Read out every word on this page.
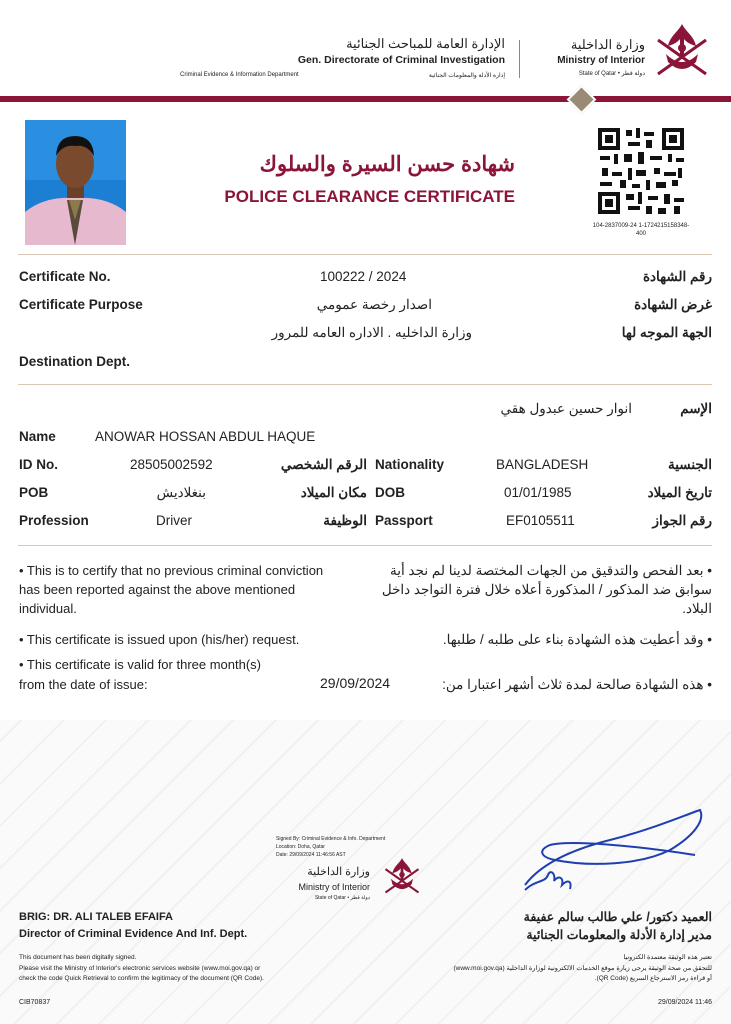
الإدارة العامة للمباحث الجنائية
Gen. Directorate of Criminal Investigation
Criminal Evidence & Information Department	إدارة الأدلة والمعلومات الجنائية
وزارة الداخلية
Ministry of Interior
State of Qatar • دولة قطر
شهادة حسن السيرة والسلوك
POLICE CLEARANCE CERTIFICATE
104-2837009-24 1-1724215158348-400
Certificate No.	100222 / 2024	رقم الشهادة
Certificate Purpose	اصدار رخصة عمومي	غرض الشهادة
وزارة الداخليه . الاداره العامه للمرور	الجهة الموجه لها
Destination Dept.
الإسم
انوار حسين عبدول هقي
Name	ANOWAR HOSSAN ABDUL HAQUE
ID No.	28505002592	الرقم الشخصي Nationality	BANGLADESH	الجنسية
POB	بنغلاديش	مكان الميلاد DOB	01/01/1985	تاريخ الميلاد
Profession	Driver	الوظيفة Passport	EF0105511	رقم الجواز
• This is to certify that no previous criminal conviction has been reported against the above mentioned individual.
• بعد الفحص والتدقيق من الجهات المختصة لدينا لم نجد أية سوابق ضد المذكور / المذكورة أعلاه خلال فترة التواجد داخل البلاد.
• This certificate is issued upon (his/her) request.	• وقد أعطيت هذه الشهادة بناء على طلبه / طلبها.
• This certificate is valid for three month(s)
from the date of issue:	29/09/2024	• هذه الشهادة صالحة لمدة ثلاث أشهر اعتبارا من:
Signed By: Criminal Evidence & Info. Department
Location: Doha, Qatar
Date: 29/09/2024 11:46:56 AST
وزارة الداخلية
Ministry of Interior
State of Qatar • دولة قطر
BRIG: DR. ALI TALEB EFAIFA
Director of Criminal Evidence And Inf. Dept.
العميد دكتور/ علي طالب سالم عفيفة
مدير إدارة الأدلة والمعلومات الجنائية
This document has been digitally signed.
Please visit the Ministry of Interior's electronic services website (www.moi.gov.qa) or
check the code Quick Retrieval to confirm the legitimacy of the document (QR Code).
تعتبر هذه الوثيقة معتمدة الكترونيا
للتحقق من صحة الوثيقة يرجى زيارة موقع الخدمات الالكترونية لوزارة الداخلية (www.moi.gov.qa)
أو قراءة رمز الاسترجاع السريع (QR Code).
CIB70837	29/09/2024 11:46
